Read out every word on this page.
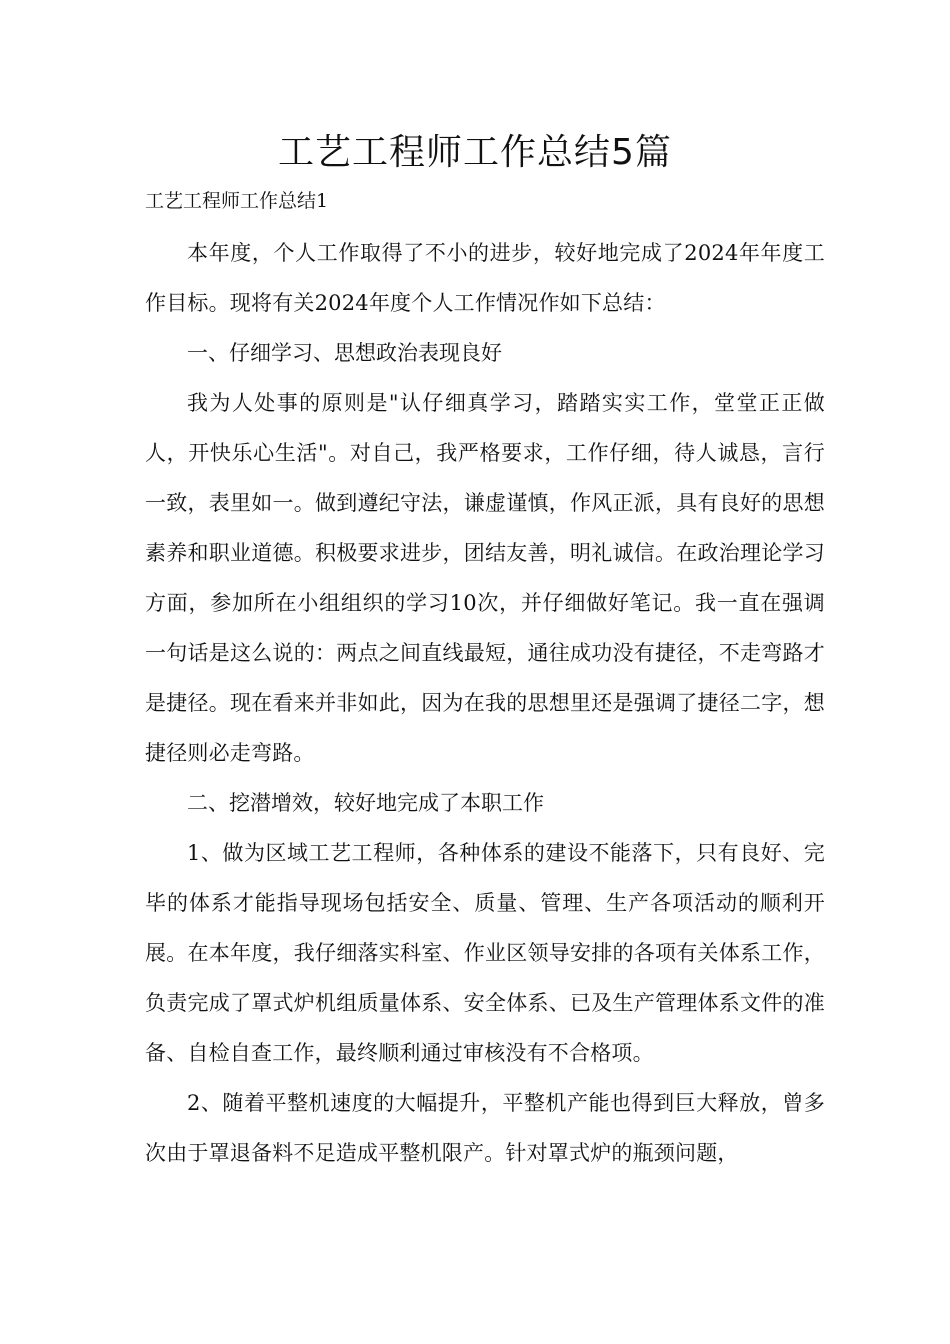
工艺工程师工作总结5篇

工艺工程师工作总结1

本年度，个人工作取得了不小的进步，较好地完成了2024年年度工作目标。现将有关2024年度个人工作情况作如下总结：

一、仔细学习、思想政治表现良好

我为人处事的原则是"认仔细真学习，踏踏实实工作，堂堂正正做人，开快乐心生活"。对自己，我严格要求，工作仔细，待人诚恳，言行一致，表里如一。做到遵纪守法，谦虚谨慎，作风正派，具有良好的思想素养和职业道德。积极要求进步，团结友善，明礼诚信。在政治理论学习方面，参加所在小组组织的学习10次，并仔细做好笔记。我一直在强调一句话是这么说的：两点之间直线最短，通往成功没有捷径，不走弯路才是捷径。现在看来并非如此，因为在我的思想里还是强调了捷径二字，想捷径则必走弯路。

二、挖潜增效，较好地完成了本职工作

1、做为区域工艺工程师，各种体系的建设不能落下，只有良好、完毕的体系才能指导现场包括安全、质量、管理、生产各项活动的顺利开展。在本年度，我仔细落实科室、作业区领导安排的各项有关体系工作，负责完成了罩式炉机组质量体系、安全体系、已及生产管理体系文件的准备、自检自查工作，最终顺利通过审核没有不合格项。

2、随着平整机速度的大幅提升，平整机产能也得到巨大释放，曾多次由于罩退备料不足造成平整机限产。针对罩式炉的瓶颈问题，
